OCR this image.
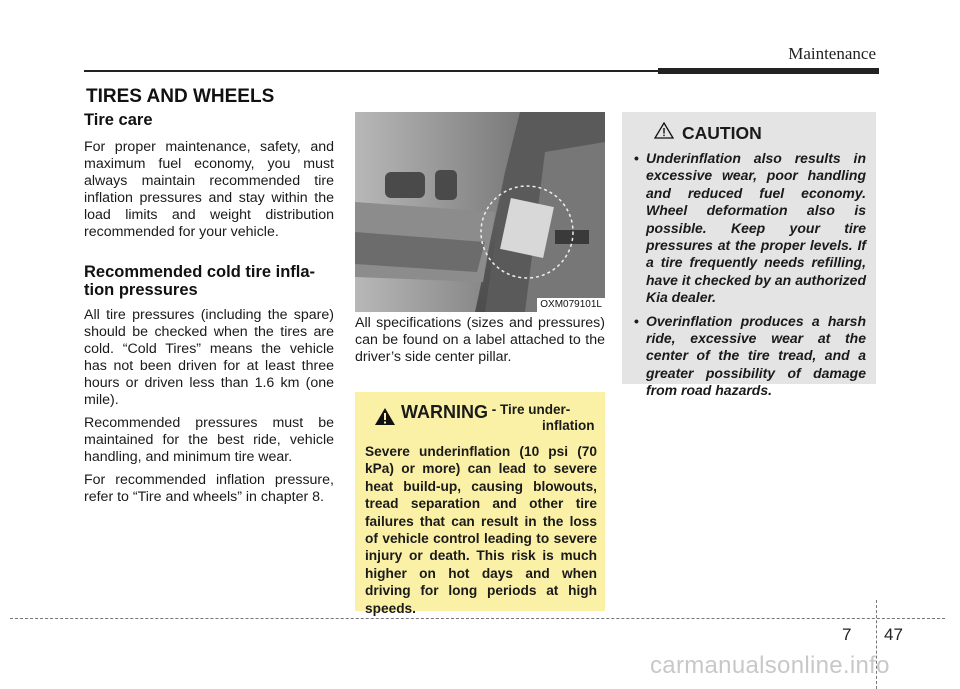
Maintenance
TIRES AND WHEELS
Tire care

For proper maintenance, safety, and maximum fuel economy, you must always maintain recommended tire inflation pressures and stay within the load limits and weight distribution recommended for your vehicle.

Recommended cold tire infla-
tion pressures

All tire pressures (including the spare) should be checked when the tires are cold. “Cold Tires” means the vehicle has not been driven for at least three hours or driven less than 1.6 km (one mile).

Recommended pressures must be maintained for the best ride, vehicle handling, and minimum tire wear.

For recommended inflation pressure, refer to “Tire and wheels” in chapter 8.

OXM079101L

All specifications (sizes and pressures) can be found on a label attached to the driver’s side center pillar.

WARNING - Tire under-
inflation
Severe underinflation (10 psi (70 kPa) or more) can lead to severe heat build-up, causing blowouts, tread separation and other tire failures that can result in the loss of vehicle control leading to severe injury or death. This risk is much higher on hot days and when driving for long periods at high speeds.
CAUTION
• Underinflation also results in excessive wear, poor handling and reduced fuel economy. Wheel deformation also is possible. Keep your tire pressures at the proper levels. If a tire frequently needs refilling, have it checked by an authorized Kia dealer.
• Overinflation produces a harsh ride, excessive wear at the center of the tire tread, and a greater possibility of damage from road hazards.
7 47
carmanualsonline.info
